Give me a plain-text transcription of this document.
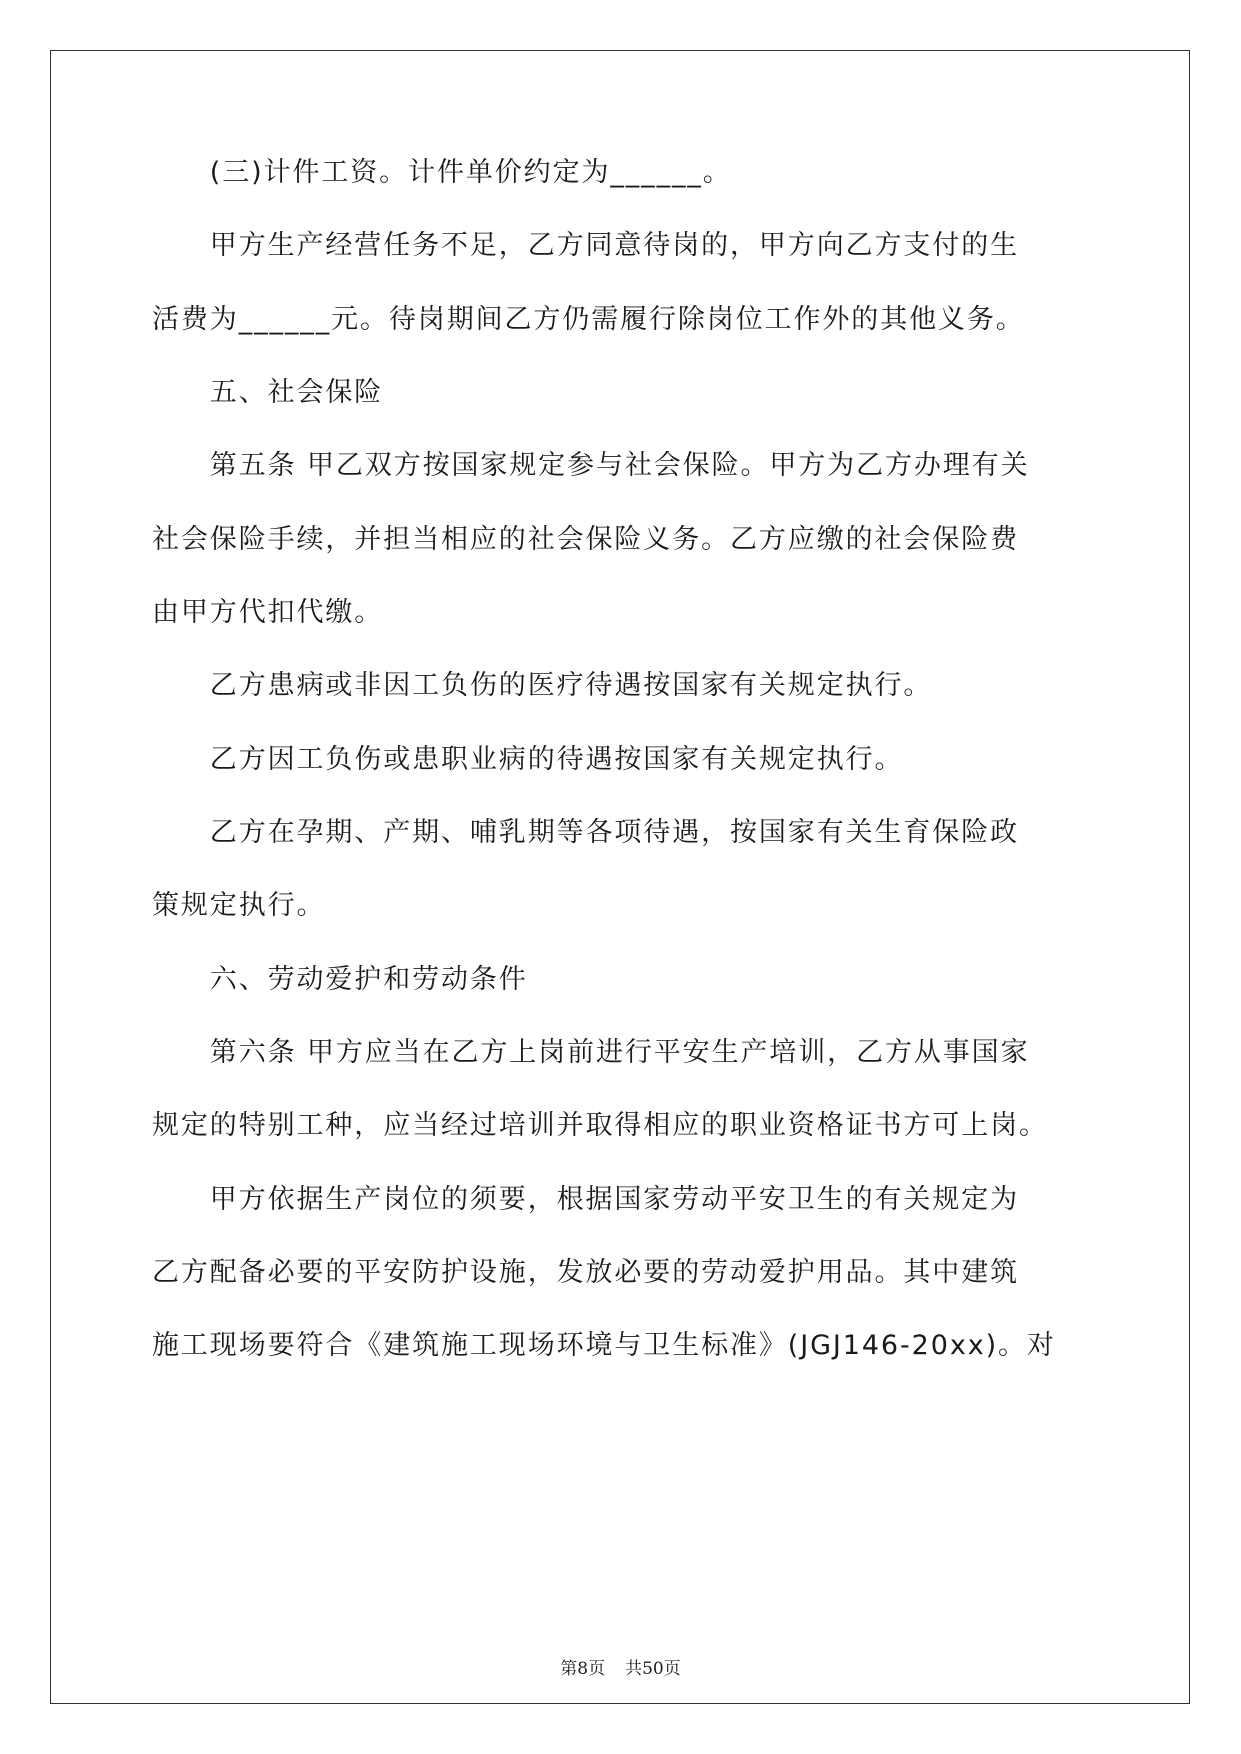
　　(三)计件工资。计件单价约定为______。
　　甲方生产经营任务不足，乙方同意待岗的，甲方向乙方支付的生
活费为______元。待岗期间乙方仍需履行除岗位工作外的其他义务。
　　五、社会保险
　　第五条 甲乙双方按国家规定参与社会保险。甲方为乙方办理有关
社会保险手续，并担当相应的社会保险义务。乙方应缴的社会保险费
由甲方代扣代缴。
　　乙方患病或非因工负伤的医疗待遇按国家有关规定执行。
　　乙方因工负伤或患职业病的待遇按国家有关规定执行。
　　乙方在孕期、产期、哺乳期等各项待遇，按国家有关生育保险政
策规定执行。
　　六、劳动爱护和劳动条件
　　第六条 甲方应当在乙方上岗前进行平安生产培训，乙方从事国家
规定的特别工种，应当经过培训并取得相应的职业资格证书方可上岗。
　　甲方依据生产岗位的须要，根据国家劳动平安卫生的有关规定为
乙方配备必要的平安防护设施，发放必要的劳动爱护用品。其中建筑
施工现场要符合《建筑施工现场环境与卫生标准》(JGJ146-20xx)。对
第8页 共50页
